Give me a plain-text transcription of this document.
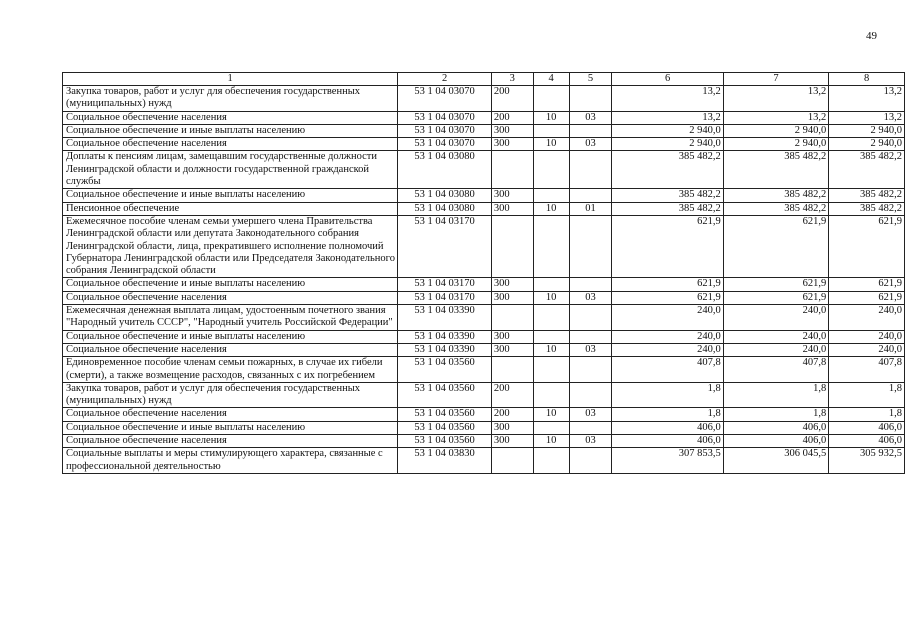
49
1	2	3	4	5	6	7	8
Закупка товаров, работ и услуг для обеспечения государственных (муниципальных) нужд	53 1 04 03070	200			13,2	13,2	13,2
Социальное обеспечение населения	53 1 04 03070	200	10	03	13,2	13,2	13,2
Социальное обеспечение и иные выплаты населению	53 1 04 03070	300			2 940,0	2 940,0	2 940,0
Социальное обеспечение населения	53 1 04 03070	300	10	03	2 940,0	2 940,0	2 940,0
Доплаты к пенсиям лицам, замещавшим государственные должности Ленинградской области и должности государственной гражданской службы	53 1 04 03080				385 482,2	385 482,2	385 482,2
Социальное обеспечение и иные выплаты населению	53 1 04 03080	300			385 482,2	385 482,2	385 482,2
Пенсионное обеспечение	53 1 04 03080	300	10	01	385 482,2	385 482,2	385 482,2
Ежемесячное пособие членам семьи умершего члена Правительства Ленинградской области или депутата Законодательного собрания Ленинградской области, лица, прекратившего исполнение полномочий Губернатора Ленинградской области или Председателя Законодательного собрания Ленинградской области	53 1 04 03170				621,9	621,9	621,9
Социальное обеспечение и иные выплаты населению	53 1 04 03170	300			621,9	621,9	621,9
Социальное обеспечение населения	53 1 04 03170	300	10	03	621,9	621,9	621,9
Ежемесячная денежная выплата лицам, удостоенным почетного звания "Народный учитель СССР", "Народный учитель Российской Федерации"	53 1 04 03390				240,0	240,0	240,0
Социальное обеспечение и иные выплаты населению	53 1 04 03390	300			240,0	240,0	240,0
Социальное обеспечение населения	53 1 04 03390	300	10	03	240,0	240,0	240,0
Единовременное пособие членам семьи пожарных, в случае их гибели (смерти), а также возмещение расходов, связанных с их погребением	53 1 04 03560				407,8	407,8	407,8
Закупка товаров, работ и услуг для обеспечения государственных (муниципальных) нужд	53 1 04 03560	200			1,8	1,8	1,8
Социальное обеспечение населения	53 1 04 03560	200	10	03	1,8	1,8	1,8
Социальное обеспечение и иные выплаты населению	53 1 04 03560	300			406,0	406,0	406,0
Социальное обеспечение населения	53 1 04 03560	300	10	03	406,0	406,0	406,0
Социальные выплаты и меры стимулирующего характера, связанные с профессиональной деятельностью	53 1 04 03830				307 853,5	306 045,5	305 932,5
